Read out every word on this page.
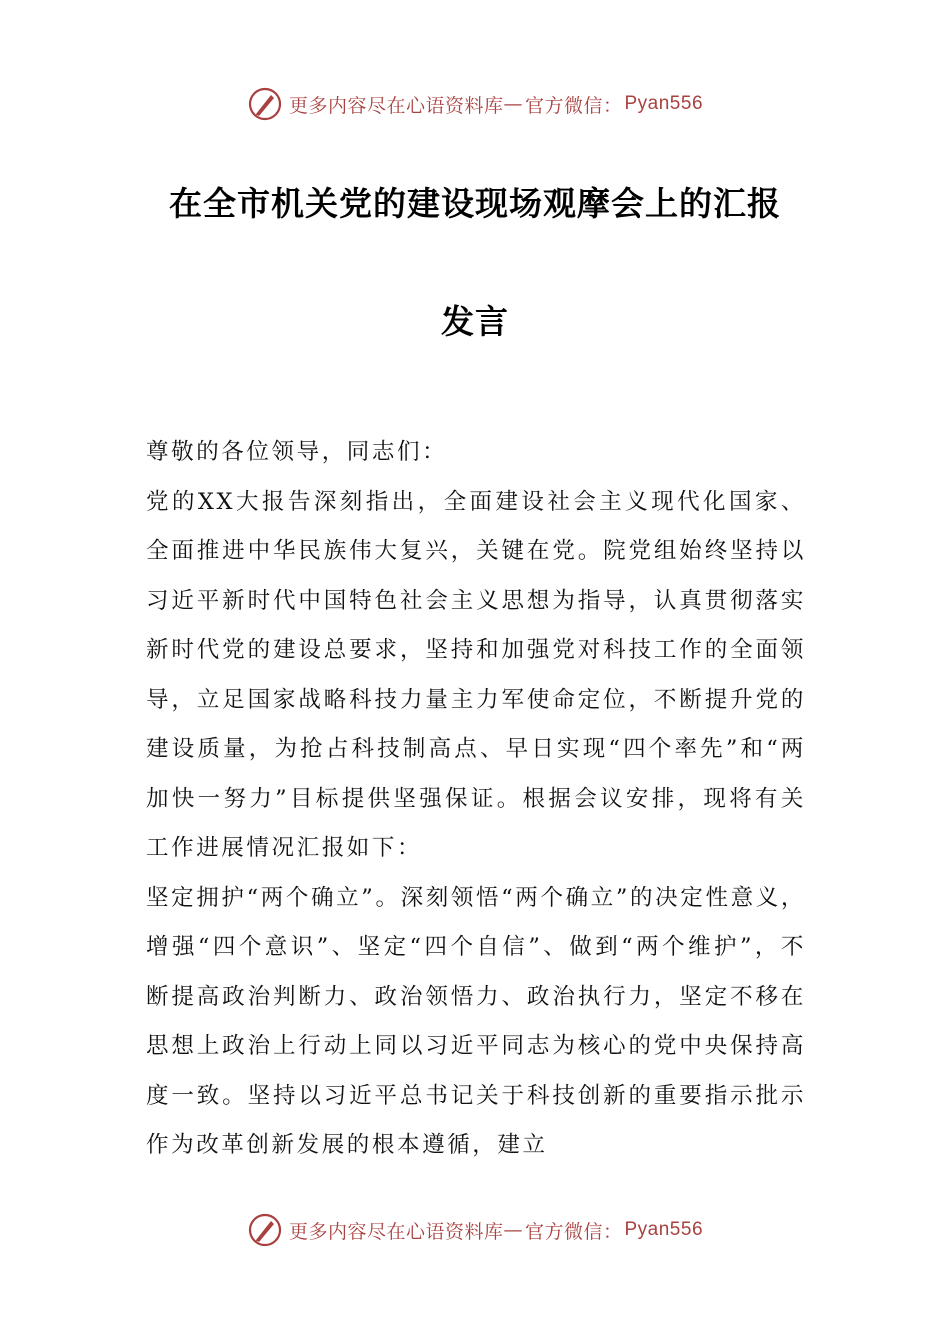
更多内容尽在心语资料库 — 官方微信： Pyan556
在全市机关党的建设现场观摩会上的汇报
发言

尊敬的各位领导，同志们：

党的XX大报告深刻指出，全面建设社会主义现代化国家、全面推进中华民族伟大复兴，关键在党。院党组始终坚持以习近平新时代中国特色社会主义思想为指导，认真贯彻落实新时代党的建设总要求，坚持和加强党对科技工作的全面领导，立足国家战略科技力量主力军使命定位，不断提升党的建设质量，为抢占科技制高点、早日实现“四个率先”和“两加快一努力”目标提供坚强保证。根据会议安排，现将有关工作进展情况汇报如下：

坚定拥护“两个确立”。深刻领悟“两个确立”的决定性意义，增强“四个意识”、坚定“四个自信”、做到“两个维护”，不断提高政治判断力、政治领悟力、政治执行力，坚定不移在思想上政治上行动上同以习近平同志为核心的党中央保持高度一致。坚持以习近平总书记关于科技创新的重要指示批示作为改革创新发展的根本遵循，建立

更多内容尽在心语资料库 — 官方微信： Pyan556
